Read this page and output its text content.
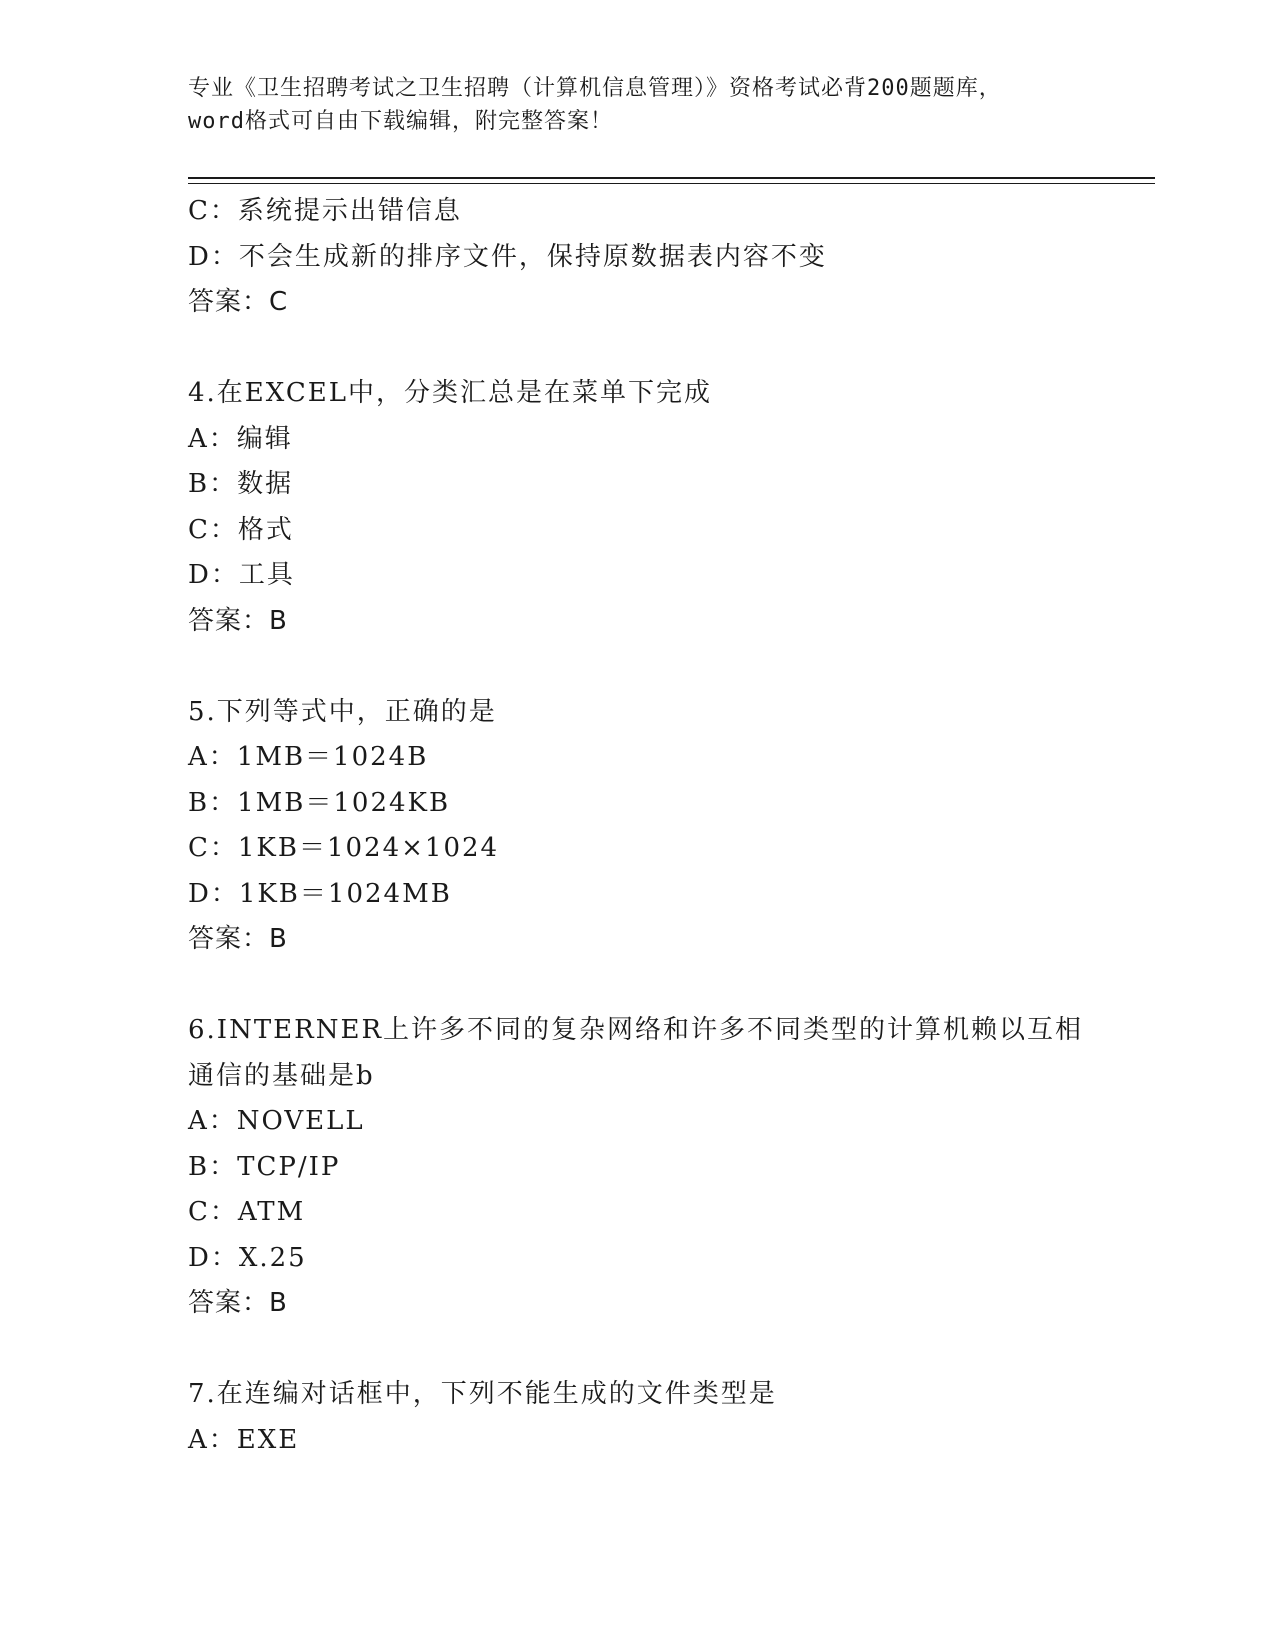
专业《卫生招聘考试之卫生招聘（计算机信息管理）》资格考试必背200题题库，
word格式可自由下载编辑，附完整答案！
C：系统提示出错信息
D：不会生成新的排序文件，保持原数据表内容不变
答案：C
4.在EXCEL中，分类汇总是在菜单下完成
A：编辑
B：数据
C：格式
D：工具
答案：B
5.下列等式中，正确的是
A：1MB＝1024B
B：1MB＝1024KB
C：1KB＝1024×1024
D：1KB＝1024MB
答案：B
6.INTERNER上许多不同的复杂网络和许多不同类型的计算机赖以互相
通信的基础是b
A：NOVELL
B：TCP/IP
C：ATM
D：X.25
答案：B
7.在连编对话框中，下列不能生成的文件类型是
A：EXE
